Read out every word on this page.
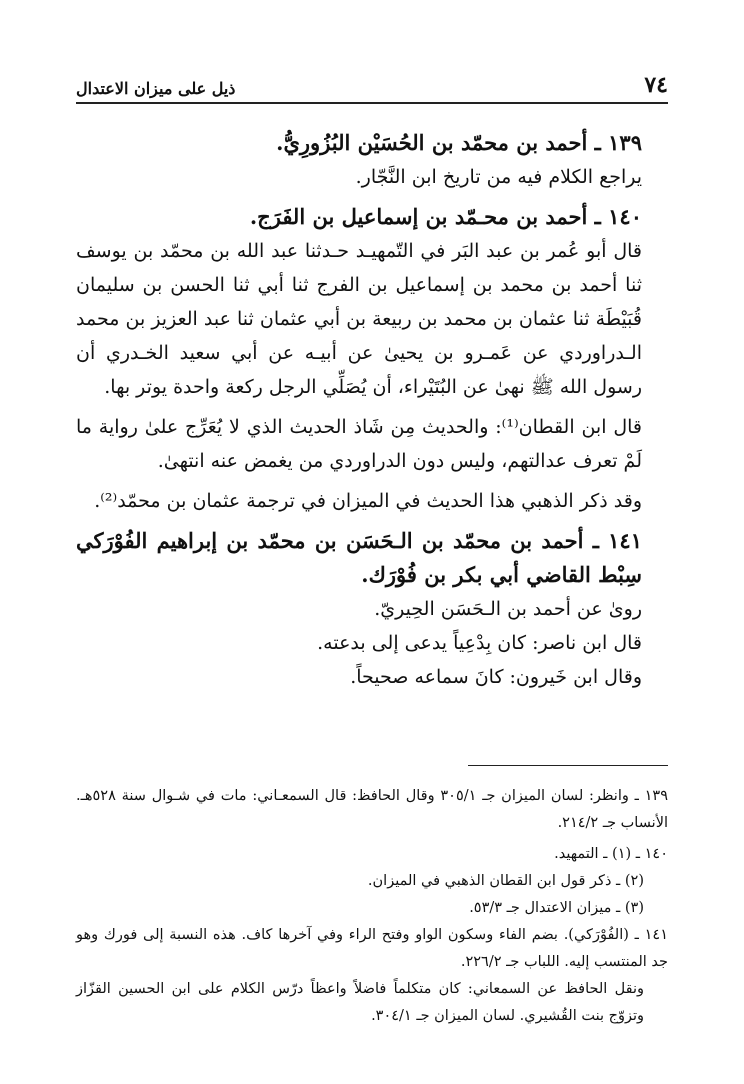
٧٤
ذيل على ميزان الاعتدال

١٣٩ ـ أحمد بن محمّد بن الحُسَيْن البُزُورِيُّ.

يراجع الكلام فيه من تاريخ ابن النَّجّار.

١٤٠ ـ أحمد بن محـمّد بن إسماعيل بن الفَرَج.

قال أبو عُمر بن عبد البَر في التّمهيـد حـدثنا عبد الله بن محمّد بن يوسف ثنا أحمد بن محمد بن إسماعيل بن الفرج ثنا أبي ثنا الحسن بن سليمان قُبَيْطَة ثنا عثمان بن محمد بن ربيعة بن أبي عثمان ثنا عبد العزيز بن محمد الـدراوردي عن عَمـرو بن يحيىٰ عن أبيـه عن أبي سعيد الخـدري أن رسول الله ﷺ نهىٰ عن البُتَيْراء، أن يُصَلِّي الرجل ركعة واحدة يوتر بها.

قال ابن القطان⁽¹⁾: والحديث مِن شَاذ الحديث الذي لا يُعَرِّج علىٰ رواية ما لَمْ تعرف عدالتهم، وليس دون الدراوردي من يغمض عنه انتهىٰ.

وقد ذكر الذهبي هذا الحديث في الميزان في ترجمة عثمان بن محمّد⁽²⁾.

١٤١ ـ أحمد بن محمّد بن الـحَسَن بن محمّد بن إبراهيم الفُوْرَكي سِبْط القاضي أبي بكر بن فُوْرَك.

روىٰ عن أحمد بن الـحَسَن الحِيريّ.

قال ابن ناصر: كان بِدْعِياً يدعى إلى بدعته.

وقال ابن خَيرون: كانَ سماعه صحيحاً.

١٣٩ ـ وانظر: لسان الميزان جـ ٣٠٥/١ وقال الحافظ: قال السمعـاني: مات في شـوال سنة ٥٢٨هـ. الأنساب جـ ٢١٤/٢.

١٤٠ ـ (١) ـ التمهيد.

(٢) ـ ذكر قول ابن القطان الذهبي في الميزان.

(٣) ـ ميزان الاعتدال جـ ٥٣/٣.

١٤١ ـ (الفُوْرَكي). بضم الفاء وسكون الواو وفتح الراء وفي آخرها كاف. هذه النسبة إلى فورك وهو جد المنتسب إليه. اللباب جـ ٢٢٦/٢.

ونقل الحافظ عن السمعاني: كان متكلماً فاضلاً واعظاً درّس الكلام على ابن الحسين القزّاز وتزوّج بنت القُشيري. لسان الميزان جـ ٣٠٤/١.
